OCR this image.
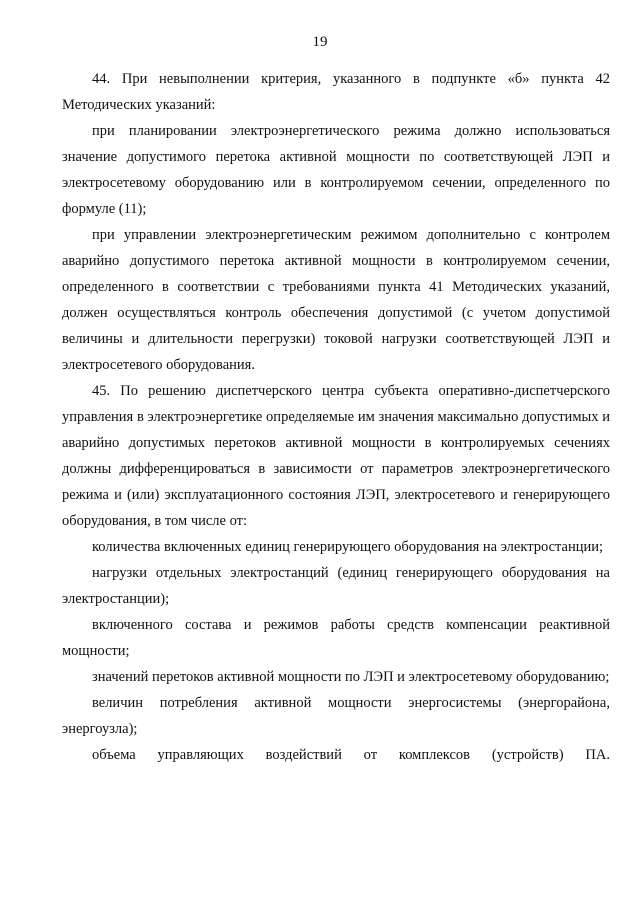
19

44. При невыполнении критерия, указанного в подпункте «б» пункта 42 Методических указаний:

при планировании электроэнергетического режима должно использоваться значение допустимого перетока активной мощности по соответствующей ЛЭП и электросетевому оборудованию или в контролируемом сечении, определенного по формуле (11);

при управлении электроэнергетическим режимом дополнительно с контролем аварийно допустимого перетока активной мощности в контролируемом сечении, определенного в соответствии с требованиями пункта 41 Методических указаний, должен осуществляться контроль обеспечения допустимой (с учетом допустимой величины и длительности перегрузки) токовой нагрузки соответствующей ЛЭП и электросетевого оборудования.

45. По решению диспетчерского центра субъекта оперативно-диспетчерского управления в электроэнергетике определяемые им значения максимально допустимых и аварийно допустимых перетоков активной мощности в контролируемых сечениях должны дифференцироваться в зависимости от параметров электроэнергетического режима и (или) эксплуатационного состояния ЛЭП, электросетевого и генерирующего оборудования, в том числе от:

количества включенных единиц генерирующего оборудования на электростанции;

нагрузки отдельных электростанций (единиц генерирующего оборудования на электростанции);

включенного состава и режимов работы средств компенсации реактивной мощности;

значений перетоков активной мощности по ЛЭП и электросетевому оборудованию;

величин потребления активной мощности энергосистемы (энергорайона, энергоузла);

объема управляющих воздействий от комплексов (устройств) ПА.
